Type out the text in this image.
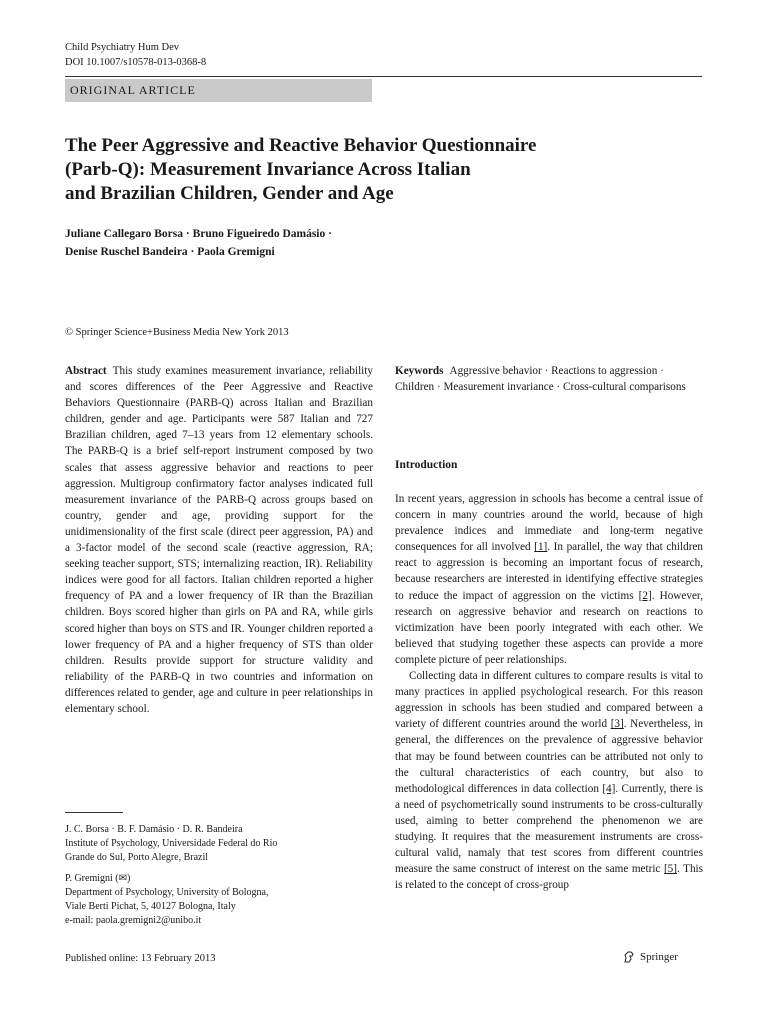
Child Psychiatry Hum Dev
DOI 10.1007/s10578-013-0368-8
ORIGINAL ARTICLE
The Peer Aggressive and Reactive Behavior Questionnaire
(Parb-Q): Measurement Invariance Across Italian
and Brazilian Children, Gender and Age
Juliane Callegaro Borsa · Bruno Figueiredo Damásio ·
Denise Ruschel Bandeira · Paola Gremigni
© Springer Science+Business Media New York 2013

Abstract This study examines measurement invariance, reliability and scores differences of the Peer Aggressive and Reactive Behaviors Questionnaire (PARB-Q) across Italian and Brazilian children, gender and age. Participants were 587 Italian and 727 Brazilian children, aged 7–13 years from 12 elementary schools. The PARB-Q is a brief self-report instrument composed by two scales that assess aggressive behavior and reactions to peer aggression. Multigroup confirmatory factor analyses indicated full measurement invariance of the PARB-Q across groups based on country, gender and age, providing support for the unidimensionality of the first scale (direct peer aggression, PA) and a 3-factor model of the second scale (reactive aggression, RA; seeking teacher support, STS; internalizing reaction, IR). Reliability indices were good for all factors. Italian children reported a higher frequency of PA and a lower frequency of IR than the Brazilian children. Boys scored higher than girls on PA and RA, while girls scored higher than boys on STS and IR. Younger children reported a lower frequency of PA and a higher frequency of STS than older children. Results provide support for structure validity and reliability of the PARB-Q in two countries and information on differences related to gender, age and culture in peer relationships in elementary school.

Keywords Aggressive behavior · Reactions to aggression · Children · Measurement invariance · Cross-cultural comparisons

Introduction

In recent years, aggression in schools has become a central issue of concern in many countries around the world, because of high prevalence indices and immediate and long-term negative consequences for all involved [1]. In parallel, the way that children react to aggression is becoming an important focus of research, because researchers are interested in identifying effective strategies to reduce the impact of aggression on the victims [2]. However, research on aggressive behavior and research on reactions to victimization have been poorly integrated with each other. We believed that studying together these aspects can provide a more complete picture of peer relationships.

Collecting data in different cultures to compare results is vital to many practices in applied psychological research. For this reason aggression in schools has been studied and compared between a variety of different countries around the world [3]. Nevertheless, in general, the differences on the prevalence of aggressive behavior that may be found between countries can be attributed not only to the cultural characteristics of each country, but also to methodological differences in data collection [4]. Currently, there is a need of psychometrically sound instruments to be cross-culturally used, aiming to better comprehend the phenomenon we are studying. It requires that the measurement instruments are cross-cultural valid, namaly that test scores from different countries measure the same construct of interest on the same metric [5]. This is related to the concept of cross-group

J. C. Borsa · B. F. Damásio · D. R. Bandeira
Institute of Psychology, Universidade Federal do Rio
Grande do Sul, Porto Alegre, Brazil
P. Gremigni (✉)
Department of Psychology, University of Bologna,
Viale Berti Pichat, 5, 40127 Bologna, Italy
e-mail: paola.gremigni2@unibo.it
Published online: 13 February 2013	Springer
